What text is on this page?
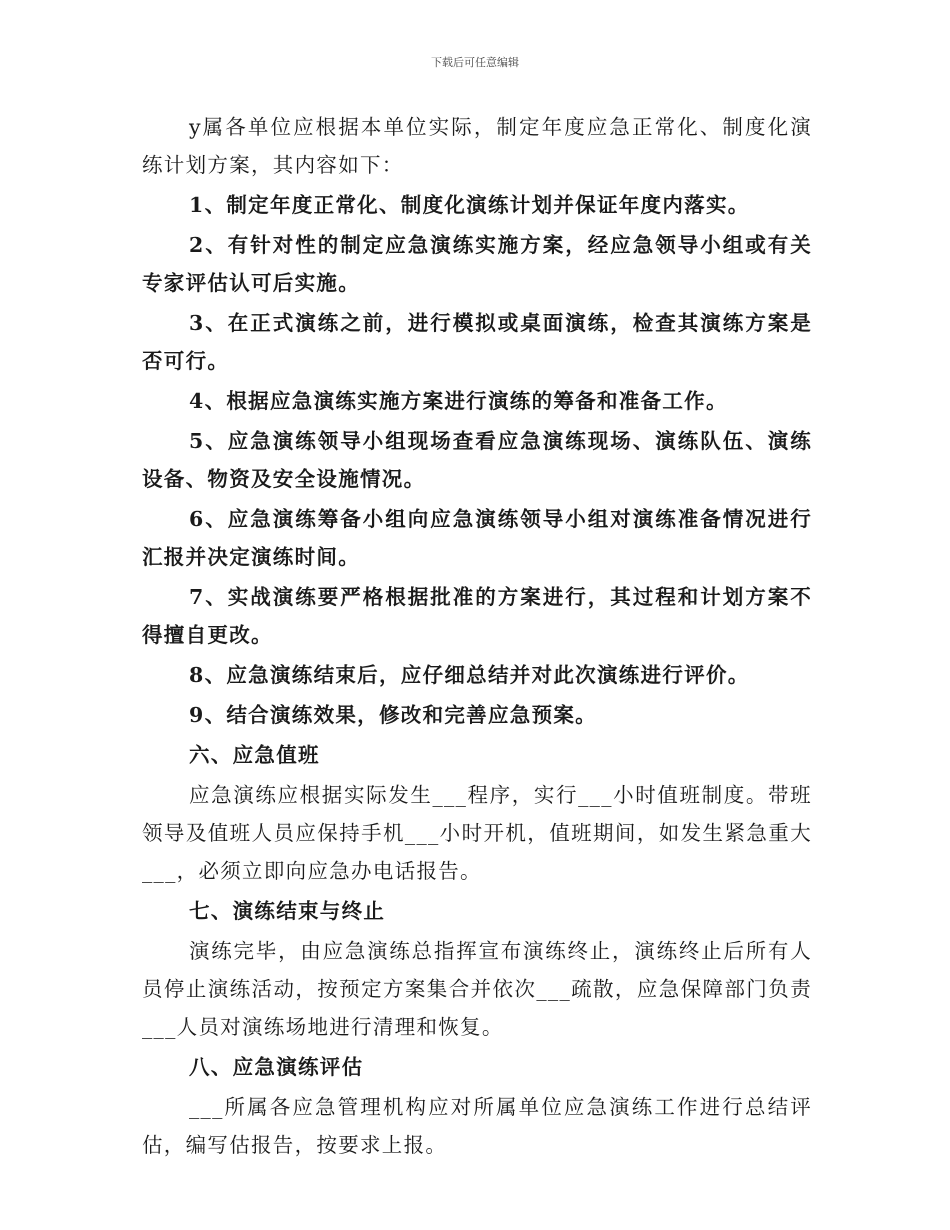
下载后可任意编辑

y属各单位应根据本单位实际，制定年度应急正常化、制度化演练计划方案，其内容如下：

1、制定年度正常化、制度化演练计划并保证年度内落实。

2、有针对性的制定应急演练实施方案，经应急领导小组或有关专家评估认可后实施。

3、在正式演练之前，进行模拟或桌面演练，检查其演练方案是否可行。

4、根据应急演练实施方案进行演练的筹备和准备工作。

5、应急演练领导小组现场查看应急演练现场、演练队伍、演练设备、物资及安全设施情况。

6、应急演练筹备小组向应急演练领导小组对演练准备情况进行汇报并决定演练时间。

7、实战演练要严格根据批准的方案进行，其过程和计划方案不得擅自更改。

8、应急演练结束后，应仔细总结并对此次演练进行评价。

9、结合演练效果，修改和完善应急预案。

六、应急值班

应急演练应根据实际发生___程序，实行___小时值班制度。带班领导及值班人员应保持手机___小时开机，值班期间，如发生紧急重大___，必须立即向应急办电话报告。

七、演练结束与终止

演练完毕，由应急演练总指挥宣布演练终止，演练终止后所有人员停止演练活动，按预定方案集合并依次___疏散，应急保障部门负责___人员对演练场地进行清理和恢复。

八、应急演练评估

___所属各应急管理机构应对所属单位应急演练工作进行总结评估，编写估报告，按要求上报。
